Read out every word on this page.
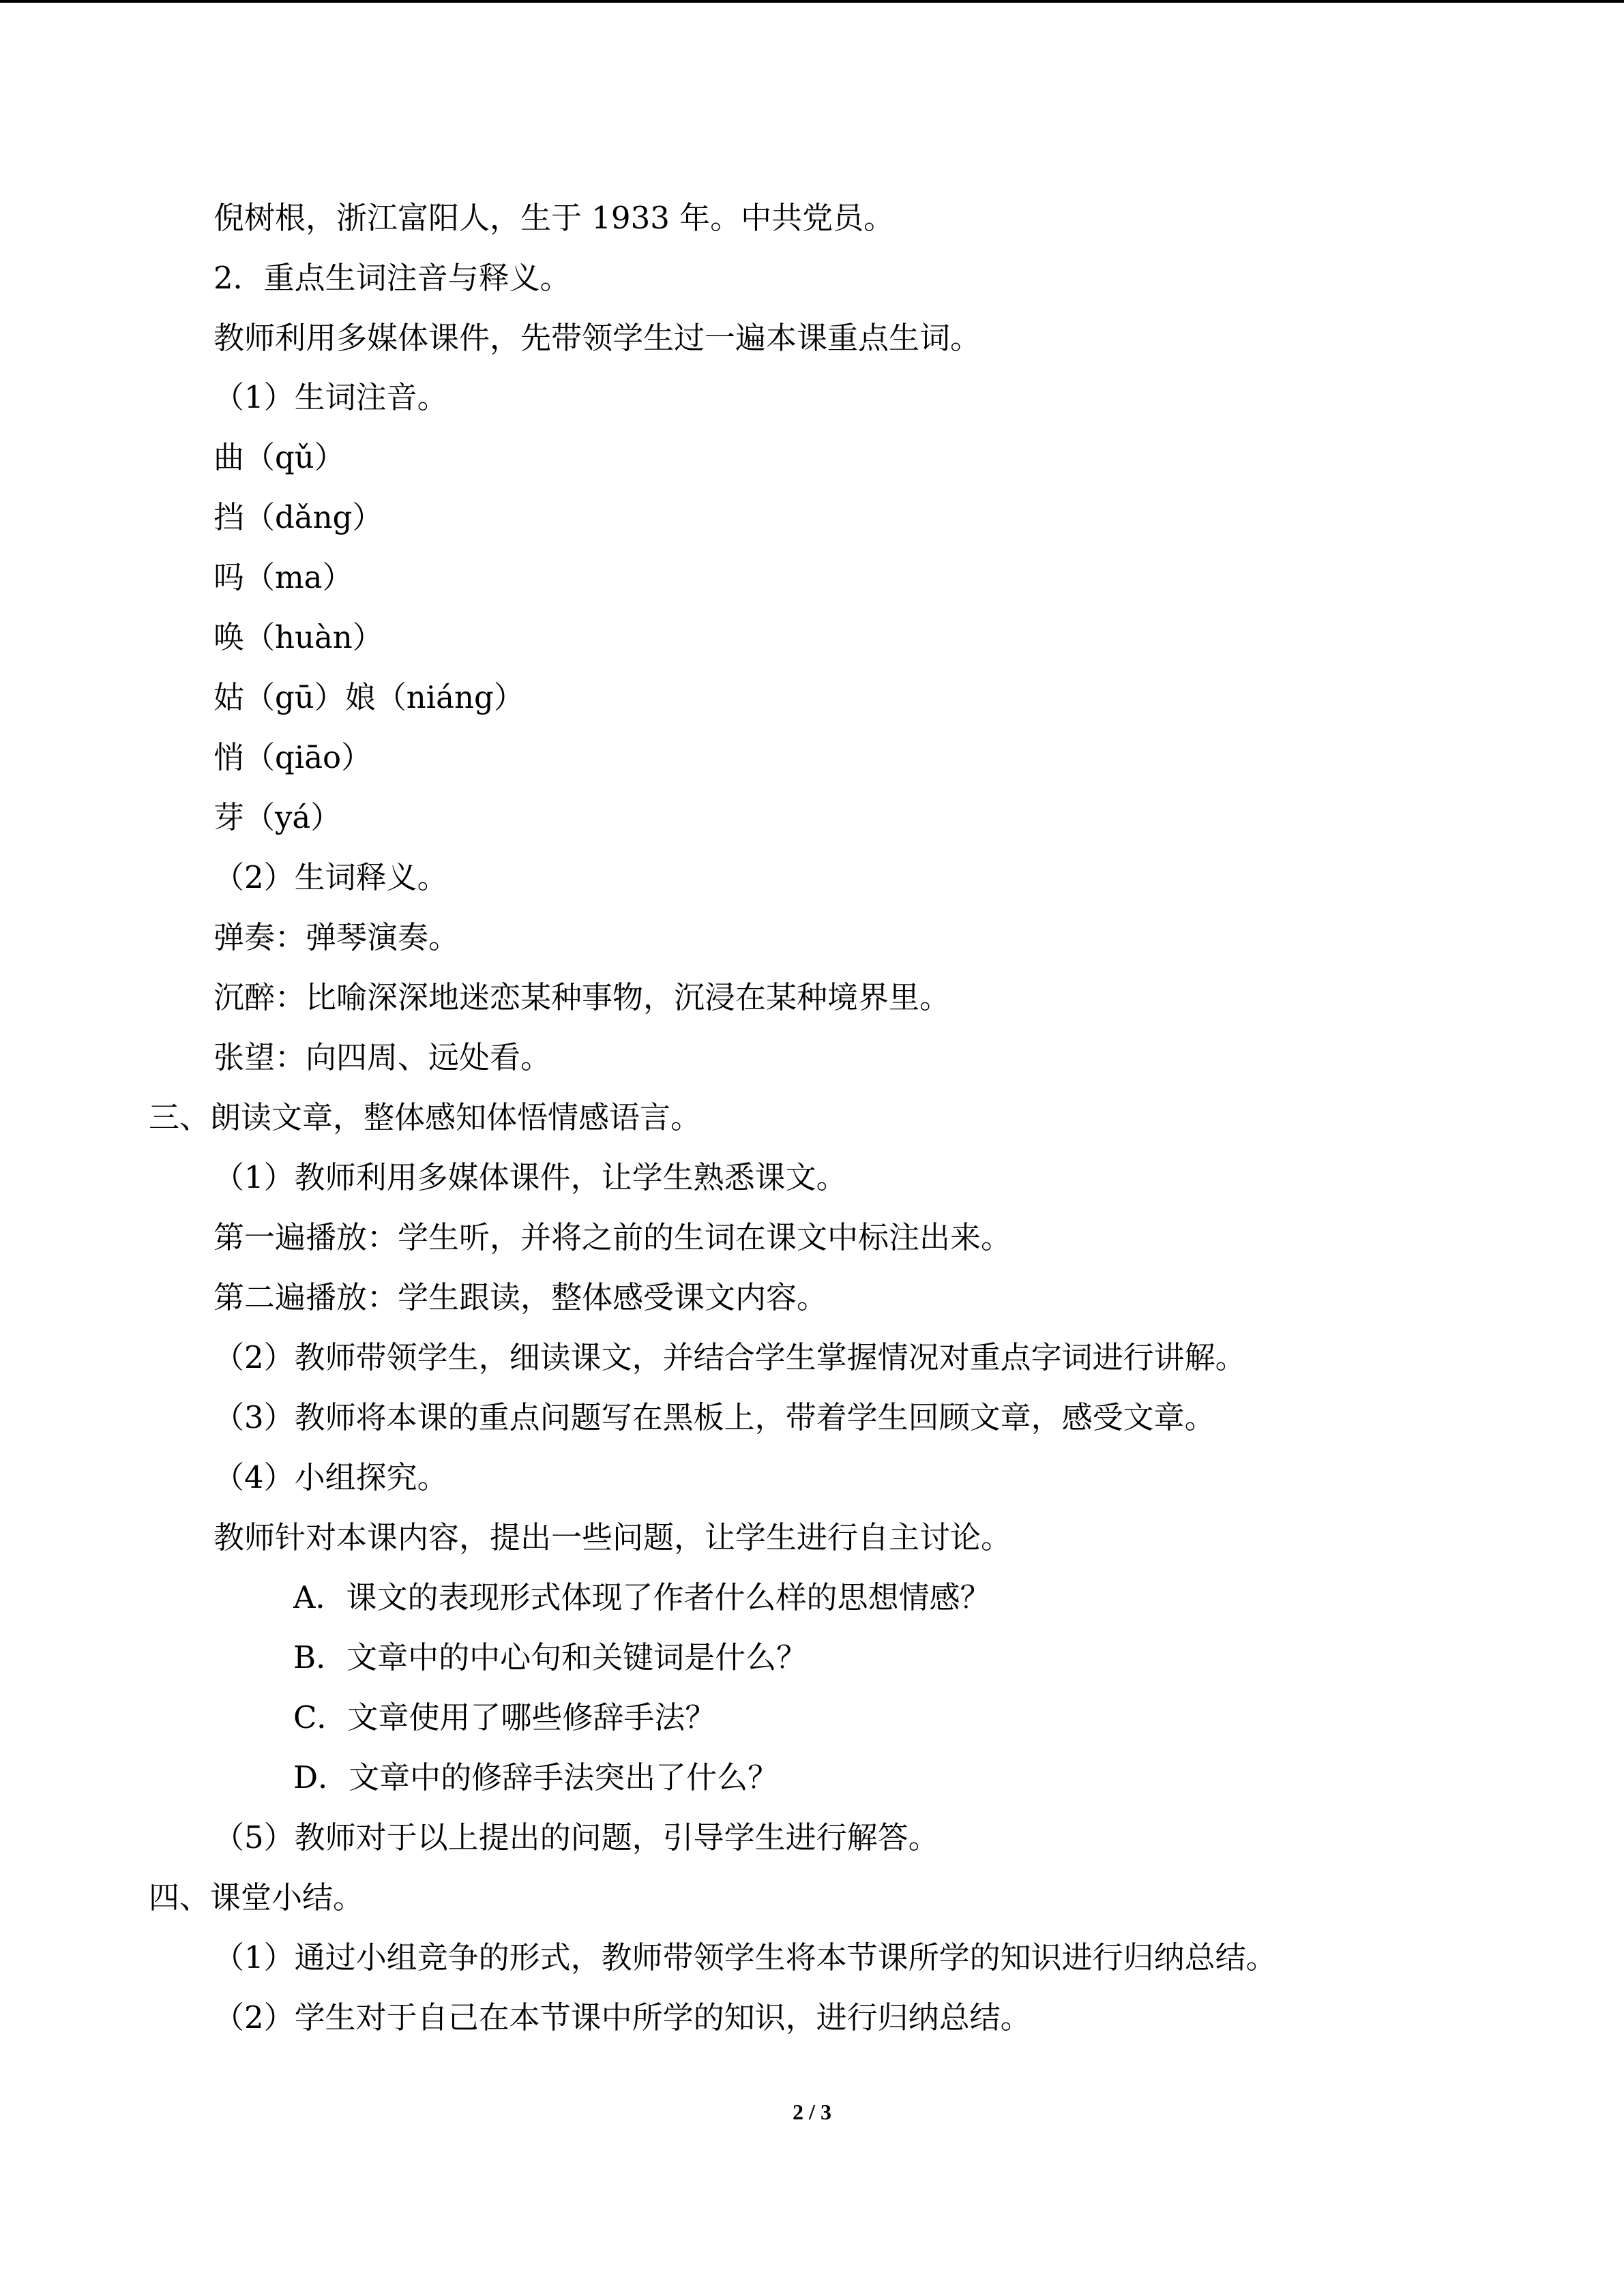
倪树根，浙江富阳人，生于 1933 年。中共党员。
2．重点生词注音与释义。
教师利用多媒体课件，先带领学生过一遍本课重点生词。
（1）生词注音。
曲（qǔ）
挡（dǎng）
吗（ma）
唤（huàn）
姑（gū）娘（niáng）
悄（qiāo）
芽（yá）
（2）生词释义。
弹奏：弹琴演奏。
沉醉：比喻深深地迷恋某种事物，沉浸在某种境界里。
张望：向四周、远处看。
三、朗读文章，整体感知体悟情感语言。
（1）教师利用多媒体课件，让学生熟悉课文。
第一遍播放：学生听，并将之前的生词在课文中标注出来。
第二遍播放：学生跟读，整体感受课文内容。
（2）教师带领学生，细读课文，并结合学生掌握情况对重点字词进行讲解。
（3）教师将本课的重点问题写在黑板上，带着学生回顾文章，感受文章。
（4）小组探究。
教师针对本课内容，提出一些问题，让学生进行自主讨论。
A．课文的表现形式体现了作者什么样的思想情感？
B．文章中的中心句和关键词是什么？
C．文章使用了哪些修辞手法？
D．文章中的修辞手法突出了什么？
（5）教师对于以上提出的问题，引导学生进行解答。
四、课堂小结。
（1）通过小组竞争的形式，教师带领学生将本节课所学的知识进行归纳总结。
（2）学生对于自己在本节课中所学的知识，进行归纳总结。
2 / 3
